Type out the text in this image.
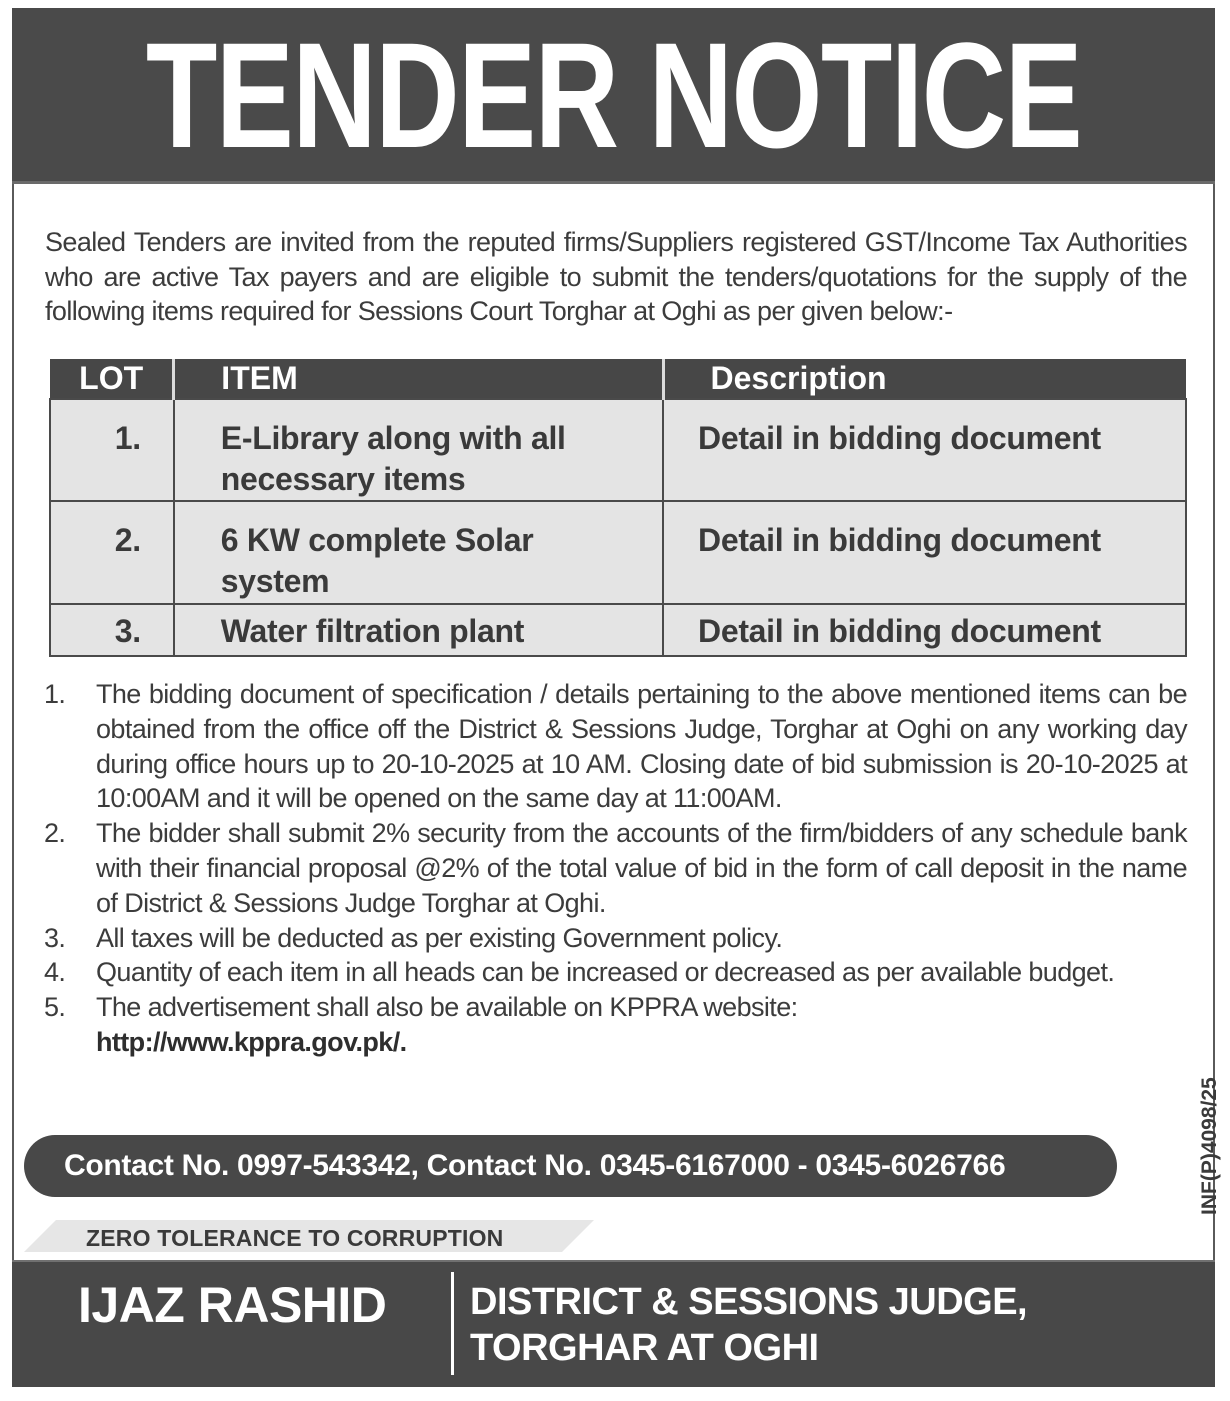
TENDER NOTICE

Sealed Tenders are invited from the reputed firms/Suppliers registered GST/Income Tax Authorities who are active Tax payers and are eligible to submit the tenders/quotations for the supply of the following items required for Sessions Court Torghar at Oghi as per given below:-

LOT	ITEM	Description

1.	E-Library along with all necessary items	Detail in bidding document

2.	6 KW complete Solar system	Detail in bidding document

3.	Water filtration plant	Detail in bidding document
1. The bidding document of specification / details pertaining to the above mentioned items can be obtained from the office off the District & Sessions Judge, Torghar at Oghi on any working day during office hours up to 20-10-2025 at 10 AM. Closing date of bid submission is 20-10-2025 at 10:00AM and it will be opened on the same day at 11:00AM.
2. The bidder shall submit 2% security from the accounts of the firm/bidders of any schedule bank with their financial proposal @2% of the total value of bid in the form of call deposit in the name of District & Sessions Judge Torghar at Oghi.
3. All taxes will be deducted as per existing Government policy.
4. Quantity of each item in all heads can be increased or decreased as per available budget.
5. The advertisement shall also be available on KPPRA website:
http://www.kppra.gov.pk/.
Contact No. 0997-543342, Contact No. 0345-6167000 - 0345-6026766	INF(P)4098/25
ZERO TOLERANCE TO CORRUPTION
IJAZ RASHID DISTRICT & SESSIONS JUDGE,
TORGHAR AT OGHI
